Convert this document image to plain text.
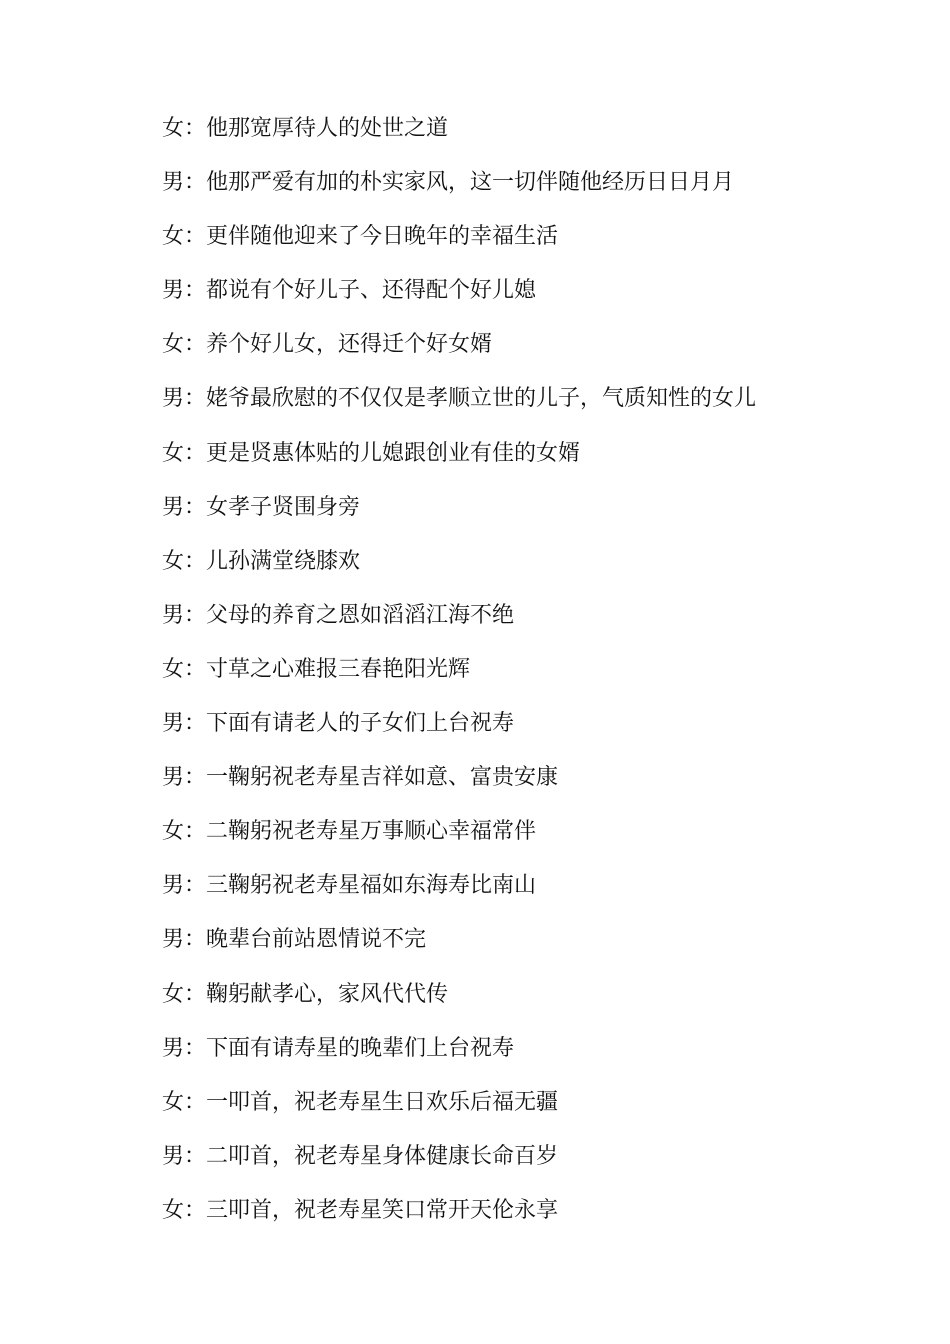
女：他那宽厚待人的处世之道
男：他那严爱有加的朴实家风，这一切伴随他经历日日月月
女：更伴随他迎来了今日晚年的幸福生活
男：都说有个好儿子、还得配个好儿媳
女：养个好儿女，还得迁个好女婿
男：姥爷最欣慰的不仅仅是孝顺立世的儿子，气质知性的女儿
女：更是贤惠体贴的儿媳跟创业有佳的女婿
男：女孝子贤围身旁
女：儿孙满堂绕膝欢
男：父母的养育之恩如滔滔江海不绝
女：寸草之心难报三春艳阳光辉
男：下面有请老人的子女们上台祝寿
男：一鞠躬祝老寿星吉祥如意、富贵安康
女：二鞠躬祝老寿星万事顺心幸福常伴
男：三鞠躬祝老寿星福如东海寿比南山
男：晚辈台前站恩情说不完
女：鞠躬献孝心，家风代代传
男：下面有请寿星的晚辈们上台祝寿
女：一叩首，祝老寿星生日欢乐后福无疆
男：二叩首，祝老寿星身体健康长命百岁
女：三叩首，祝老寿星笑口常开天伦永享
